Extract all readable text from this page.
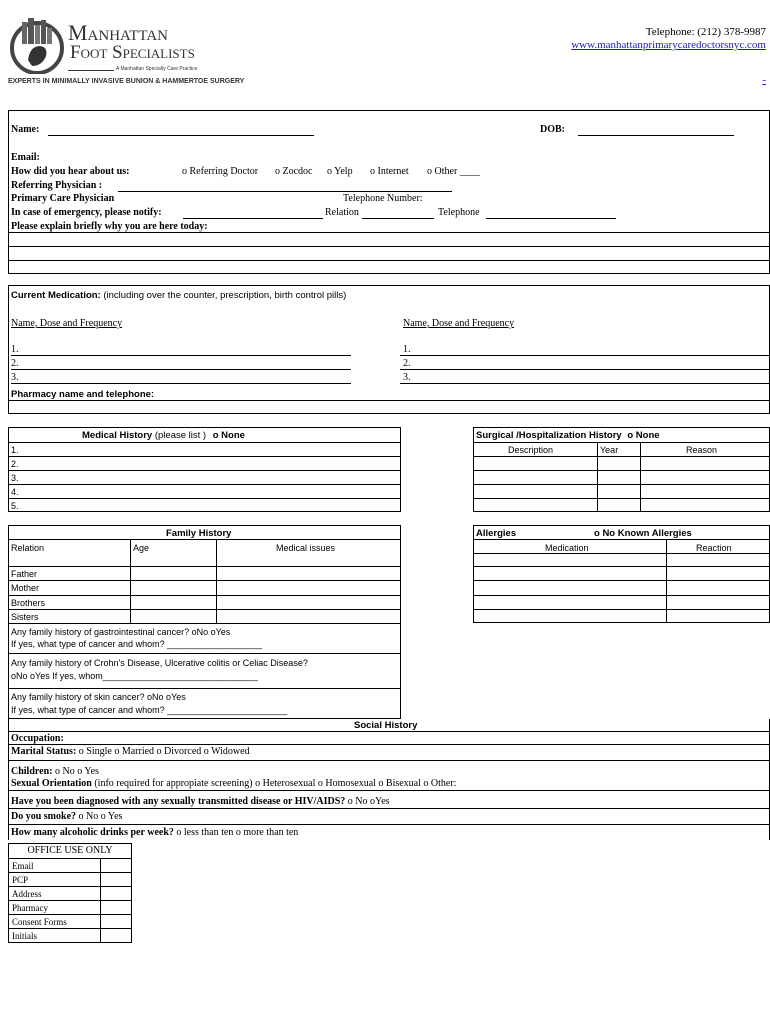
Manhattan
Foot Specialists
A Manhattan Specialty Care Practice
EXPERTS IN MINIMALLY INVASIVE BUNION & HAMMERTOE SURGERY
Telephone: (212) 378-9987
www.manhattanprimarycaredoctorsnyc.com
-
Name:	DOB:
Email:
How did you hear about us:	o Referring Doctor o Zocdoc o Yelp o Internet o Other ____
Referring Physician :
Primary Care Physician	Telephone Number:
In case of emergency, please notify:	Relation	Telephone
Please explain briefly why you are here today:
Current Medication: (including over the counter, prescription, birth control pills)
Name, Dose and Frequency	Name, Dose and Frequency
1.
2.
3.
1.
2.
3.
Pharmacy name and telephone:
Medical History (please list ) o None
1.
2.
3.
4.
5.
Surgical /Hospitalization History o None
Description	Year	Reason
Family History
Relation	Age	Medical issues
Father
Mother
Brothers
Sisters
Any family history of gastrointestinal cancer? oNo oYes
If yes, what type of cancer and whom? ___________________
Any family history of Crohn's Disease, Ulcerative colitis or Celiac Disease?
oNo oYes If yes, whom_______________________________
Any family history of skin cancer? oNo oYes
If yes, what type of cancer and whom? ________________________
Allergies	o No Known Allergies
Medication	Reaction
Social History
Occupation:
Marital Status: o Single o Married o Divorced o Widowed
Children: o No o Yes
Sexual Orientation (info required for appropiate screening) o Heterosexual o Homosexual o Bisexual o Other:
Have you been diagnosed with any sexually transmitted disease or HIV/AIDS? o No oYes
Do you smoke? o No o Yes
How many alcoholic drinks per week? o less than ten o more than ten
OFFICE USE ONLY	
Email	
PCP	
Address	
Pharmacy	
Consent Forms	
Initials	
